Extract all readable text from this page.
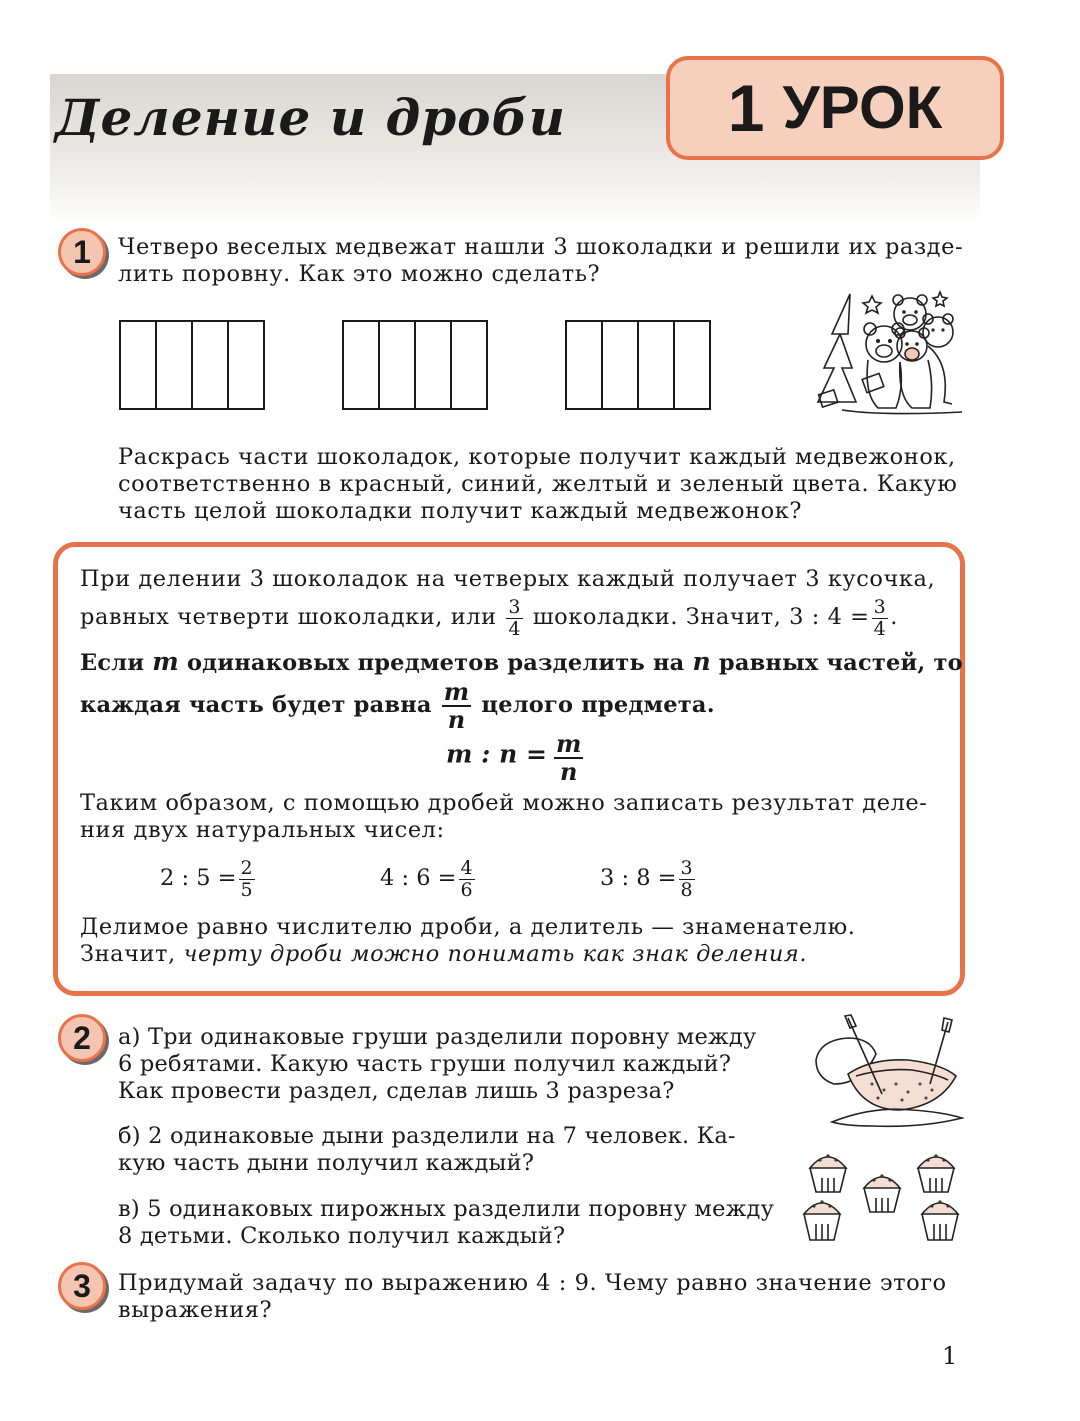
Деление и дроби 1 УРОК
1	Четверо веселых медвежат нашли 3 шоколадки и решили их разде-
лить поровну. Как это можно сделать?
Раскрась части шоколадок, которые получит каждый медвежонок,
соответственно в красный, синий, желтый и зеленый цвета. Какую
часть целой шоколадки получит каждый медвежонок?
При делении 3 шоколадок на четверых каждый получает 3 кусочка,
равных четверти шоколадки, или $\frac{3}{4}$ шоколадки. Значит, 3 : $4 = \frac{3}{4}$ .
Если m одинаковых предметов разделить на n равных частей, то
каждая часть будет равна $\frac{m}{n}$ целого предмета.
m : $n = \frac{m}{n}$
Таким образом, с помощью дробей можно записать результат деле-
ния двух натуральных чисел:
2 : $5 = \frac{2}{5}$	4 : $6 = \frac{4}{6}$	3 : $8 = \frac{3}{8}$
Делимое равно числителю дроби, а делитель — знаменателю.
Значит, черту дроби можно понимать как знак деления.
2	а) Три одинаковые груши разделили поровну между
6 ребятами. Какую часть груши получил каждый?
Как провести раздел, сделав лишь 3 разреза?
б) 2 одинаковые дыни разделили на 7 человек. Ка-
кую часть дыни получил каждый?
в) 5 одинаковых пирожных разделили поровну между
8 детьми. Сколько получил каждый?
3	Придумай задачу по выражению 4 : 9. Чему равно значение этого
выражения?
1
